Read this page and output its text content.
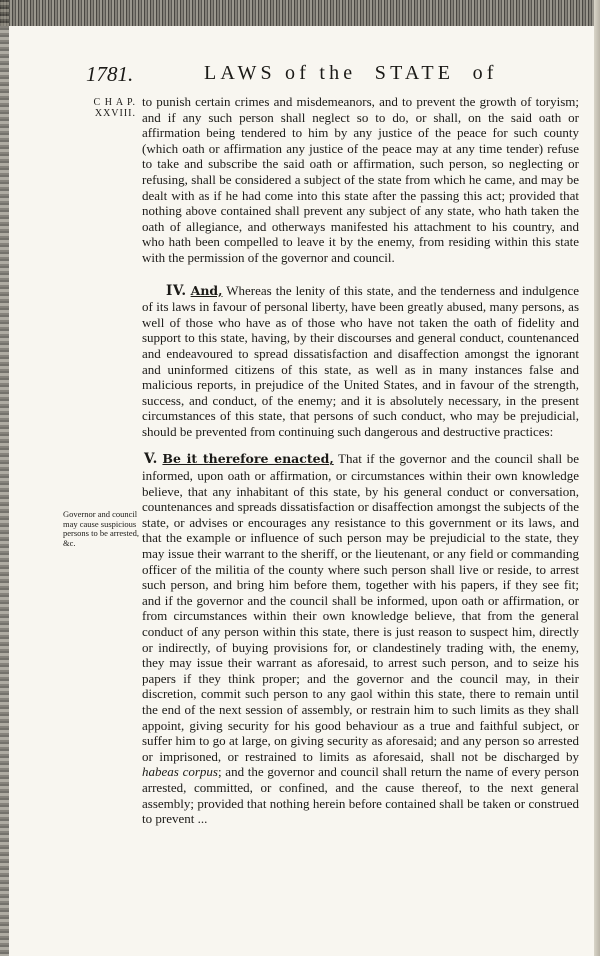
1781.	LAWS of the STATE of
C H A P.
XXVIII.
Governor and council may cause suspicious persons to be arrested, &c.

to punish certain crimes and misdemeanors, and to prevent the growth of toryism; and if any such person shall neglect so to do, or shall, on the said oath or affirmation being tendered to him by any justice of the peace for such county (which oath or affirmation any justice of the peace may at any time tender) refuse to take and subscribe the said oath or affirmation, such person, so neglecting or refusing, shall be considered a subject of the state from which he came, and may be dealt with as if he had come into this state after the passing this act; provided that nothing above contained shall prevent any subject of any state, who hath taken the oath of allegiance, and otherways manifested his attachment to his country, and who hath been compelled to leave it by the enemy, from residing within this state with the permission of the governor and council.

IV. And, Whereas the lenity of this state, and the tenderness and indulgence of its laws in favour of personal liberty, have been greatly abused, many persons, as well of those who have as of those who have not taken the oath of fidelity and support to this state, having, by their discourses and general conduct, countenanced and endeavoured to spread dissatisfaction and disaffection amongst the ignorant and uninformed citizens of this state, as well as in many instances false and malicious reports, in prejudice of the United States, and in favour of the strength, success, and conduct, of the enemy; and it is absolutely necessary, in the present circumstances of this state, that persons of such conduct, who may be prejudicial, should be prevented from continuing such dangerous and destructive practices:

V. Be it therefore enacted, That if the governor and the council shall be informed, upon oath or affirmation, or circumstances within their own knowledge believe, that any inhabitant of this state, by his general conduct or conversation, countenances and spreads dissatisfaction or disaffection amongst the subjects of the state, or advises or encourages any resistance to this government or its laws, and that the example or influence of such person may be prejudicial to the state, they may issue their warrant to the sheriff, or the lieutenant, or any field or commanding officer of the militia of the county where such person shall live or reside, to arrest such person, and bring him before them, together with his papers, if they see fit; and if the governor and the council shall be informed, upon oath or affirmation, or from circumstances within their own knowledge believe, that from the general conduct of any person within this state, there is just reason to suspect him, directly or indirectly, of buying provisions for, or clandestinely trading with, the enemy, they may issue their warrant as aforesaid, to arrest such person, and to seize his papers if they think proper; and the governor and the council may, in their discretion, commit such person to any gaol within this state, there to remain until the end of the next session of assembly, or restrain him to such limits as they shall appoint, giving security for his good behaviour as a true and faithful subject, or suffer him to go at large, on giving security as aforesaid; and any person so arrested or imprisoned, or restrained to limits as aforesaid, shall not be discharged by habeas corpus; and the governor and council shall return the name of every person arrested, committed, or confined, and the cause thereof, to the next general assembly; provided that nothing herein before contained shall be taken or construed to prevent ...
